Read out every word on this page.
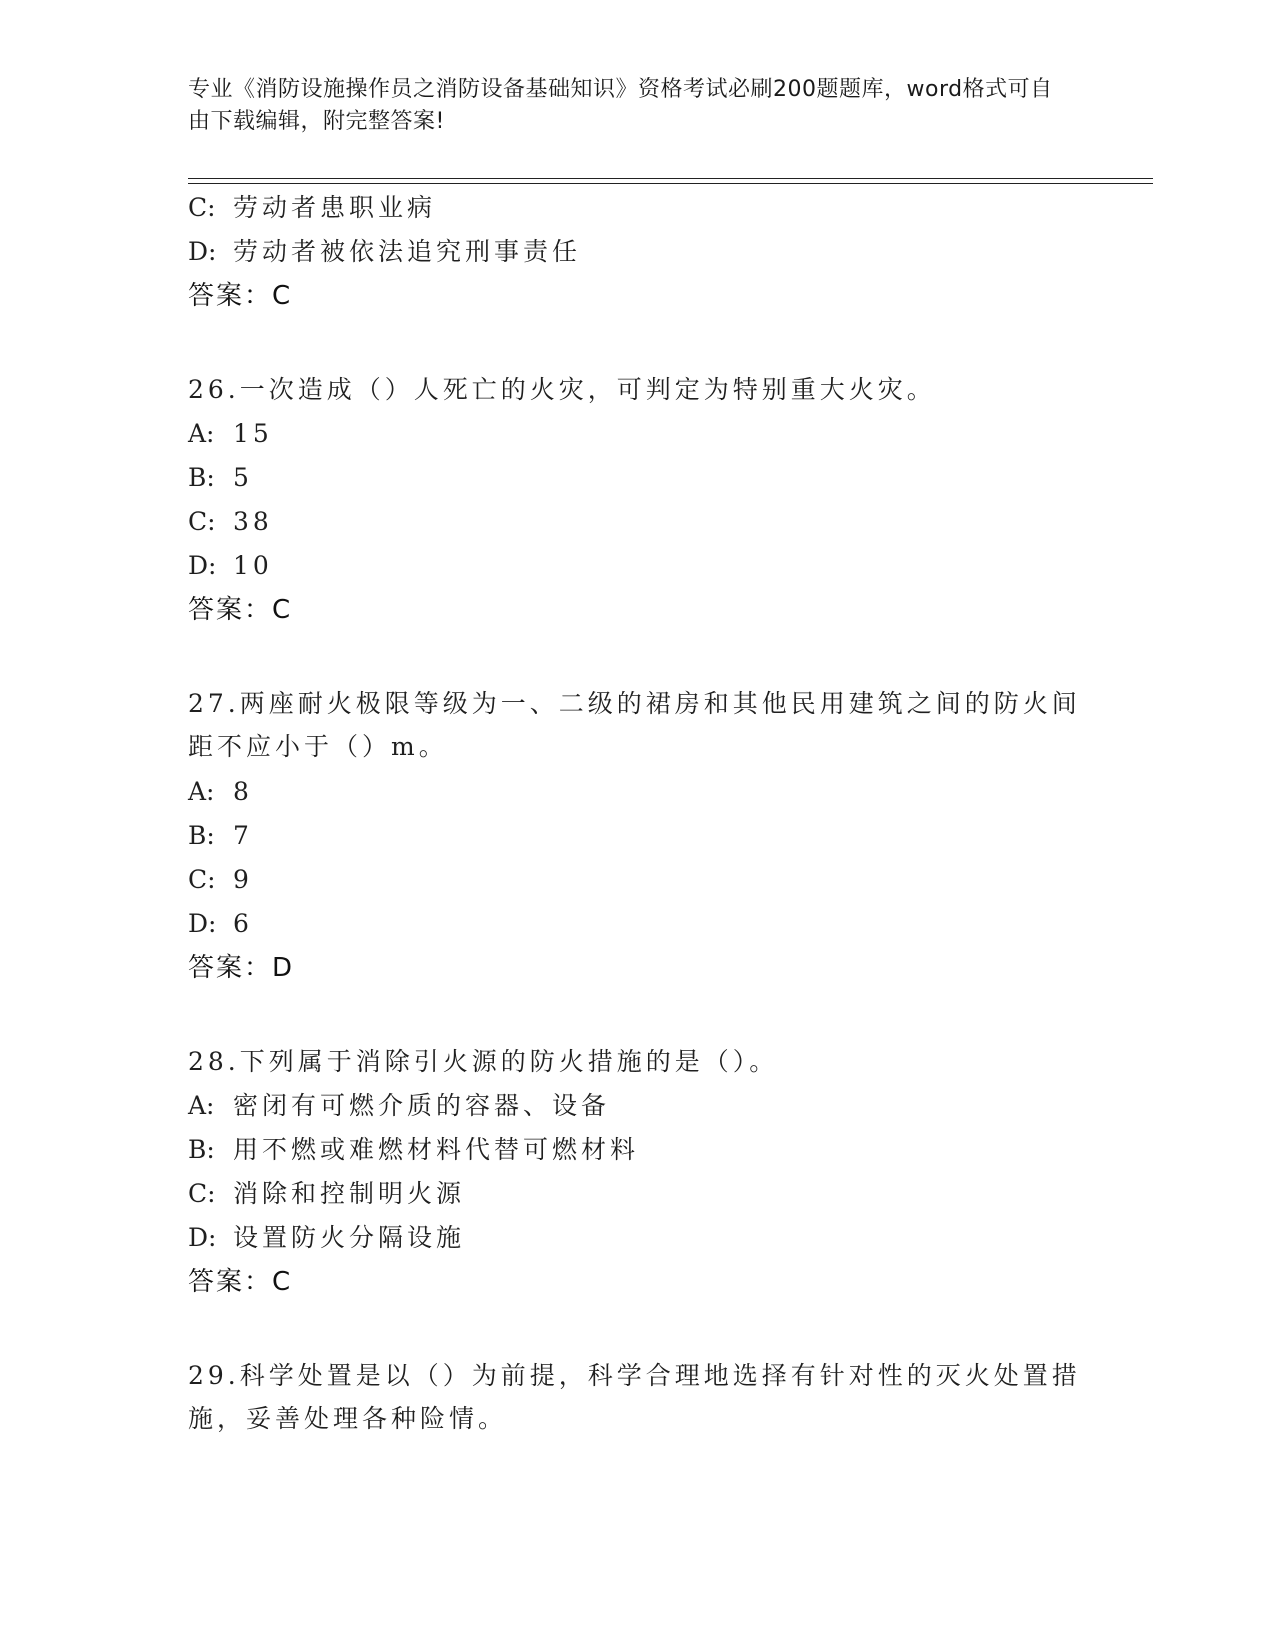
专业《消防设施操作员之消防设备基础知识》资格考试必刷200题题库，word格式可自由下载编辑，附完整答案!
C: 劳动者患职业病
D: 劳动者被依法追究刑事责任
答案：C
26.一次造成（）人死亡的火灾，可判定为特别重大火灾。
A: 15
B: 5
C: 38
D: 10
答案：C
27.两座耐火极限等级为一、二级的裙房和其他民用建筑之间的防火间
距不应小于（）m。
A: 8
B: 7
C: 9
D: 6
答案：D
28.下列属于消除引火源的防火措施的是（）。
A: 密闭有可燃介质的容器、设备
B: 用不燃或难燃材料代替可燃材料
C: 消除和控制明火源
D: 设置防火分隔设施
答案：C
29.科学处置是以（）为前提，科学合理地选择有针对性的灭火处置措
施，妥善处理各种险情。
